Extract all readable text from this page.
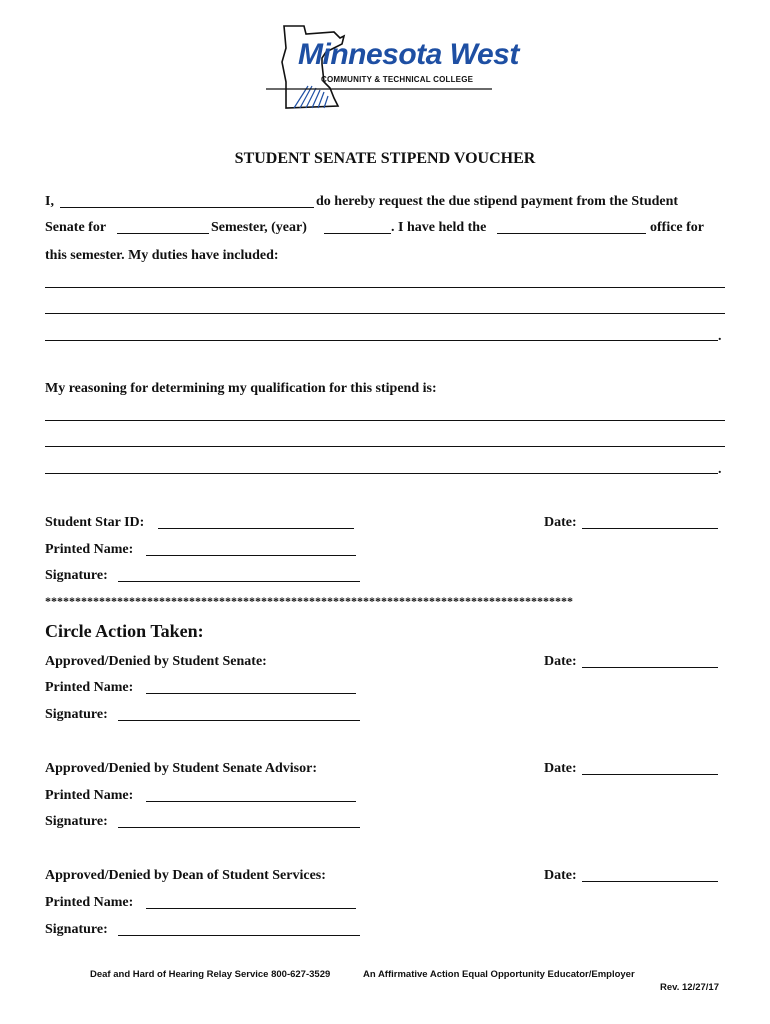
Minnesota West
COMMUNITY & TECHNICAL COLLEGE
STUDENT SENATE STIPEND VOUCHER
I,	do hereby request the due stipend payment from the Student
Senate for	Semester, (year)	. I have held the	office for
this semester. My duties have included:
.
My reasoning for determining my qualification for this stipend is:
.
Student Star ID:	Date:
Printed Name:
Signature:
****************************************************************************************
Circle Action Taken:
Approved/Denied by Student Senate:	Date:
Printed Name:
Signature:
Approved/Denied by Student Senate Advisor:	Date:
Printed Name:
Signature:
Approved/Denied by Dean of Student Services:	Date:
Printed Name:
Signature:
Deaf and Hard of Hearing Relay Service 800-627-3529	An Affirmative Action Equal Opportunity Educator/Employer
Rev. 12/27/17
